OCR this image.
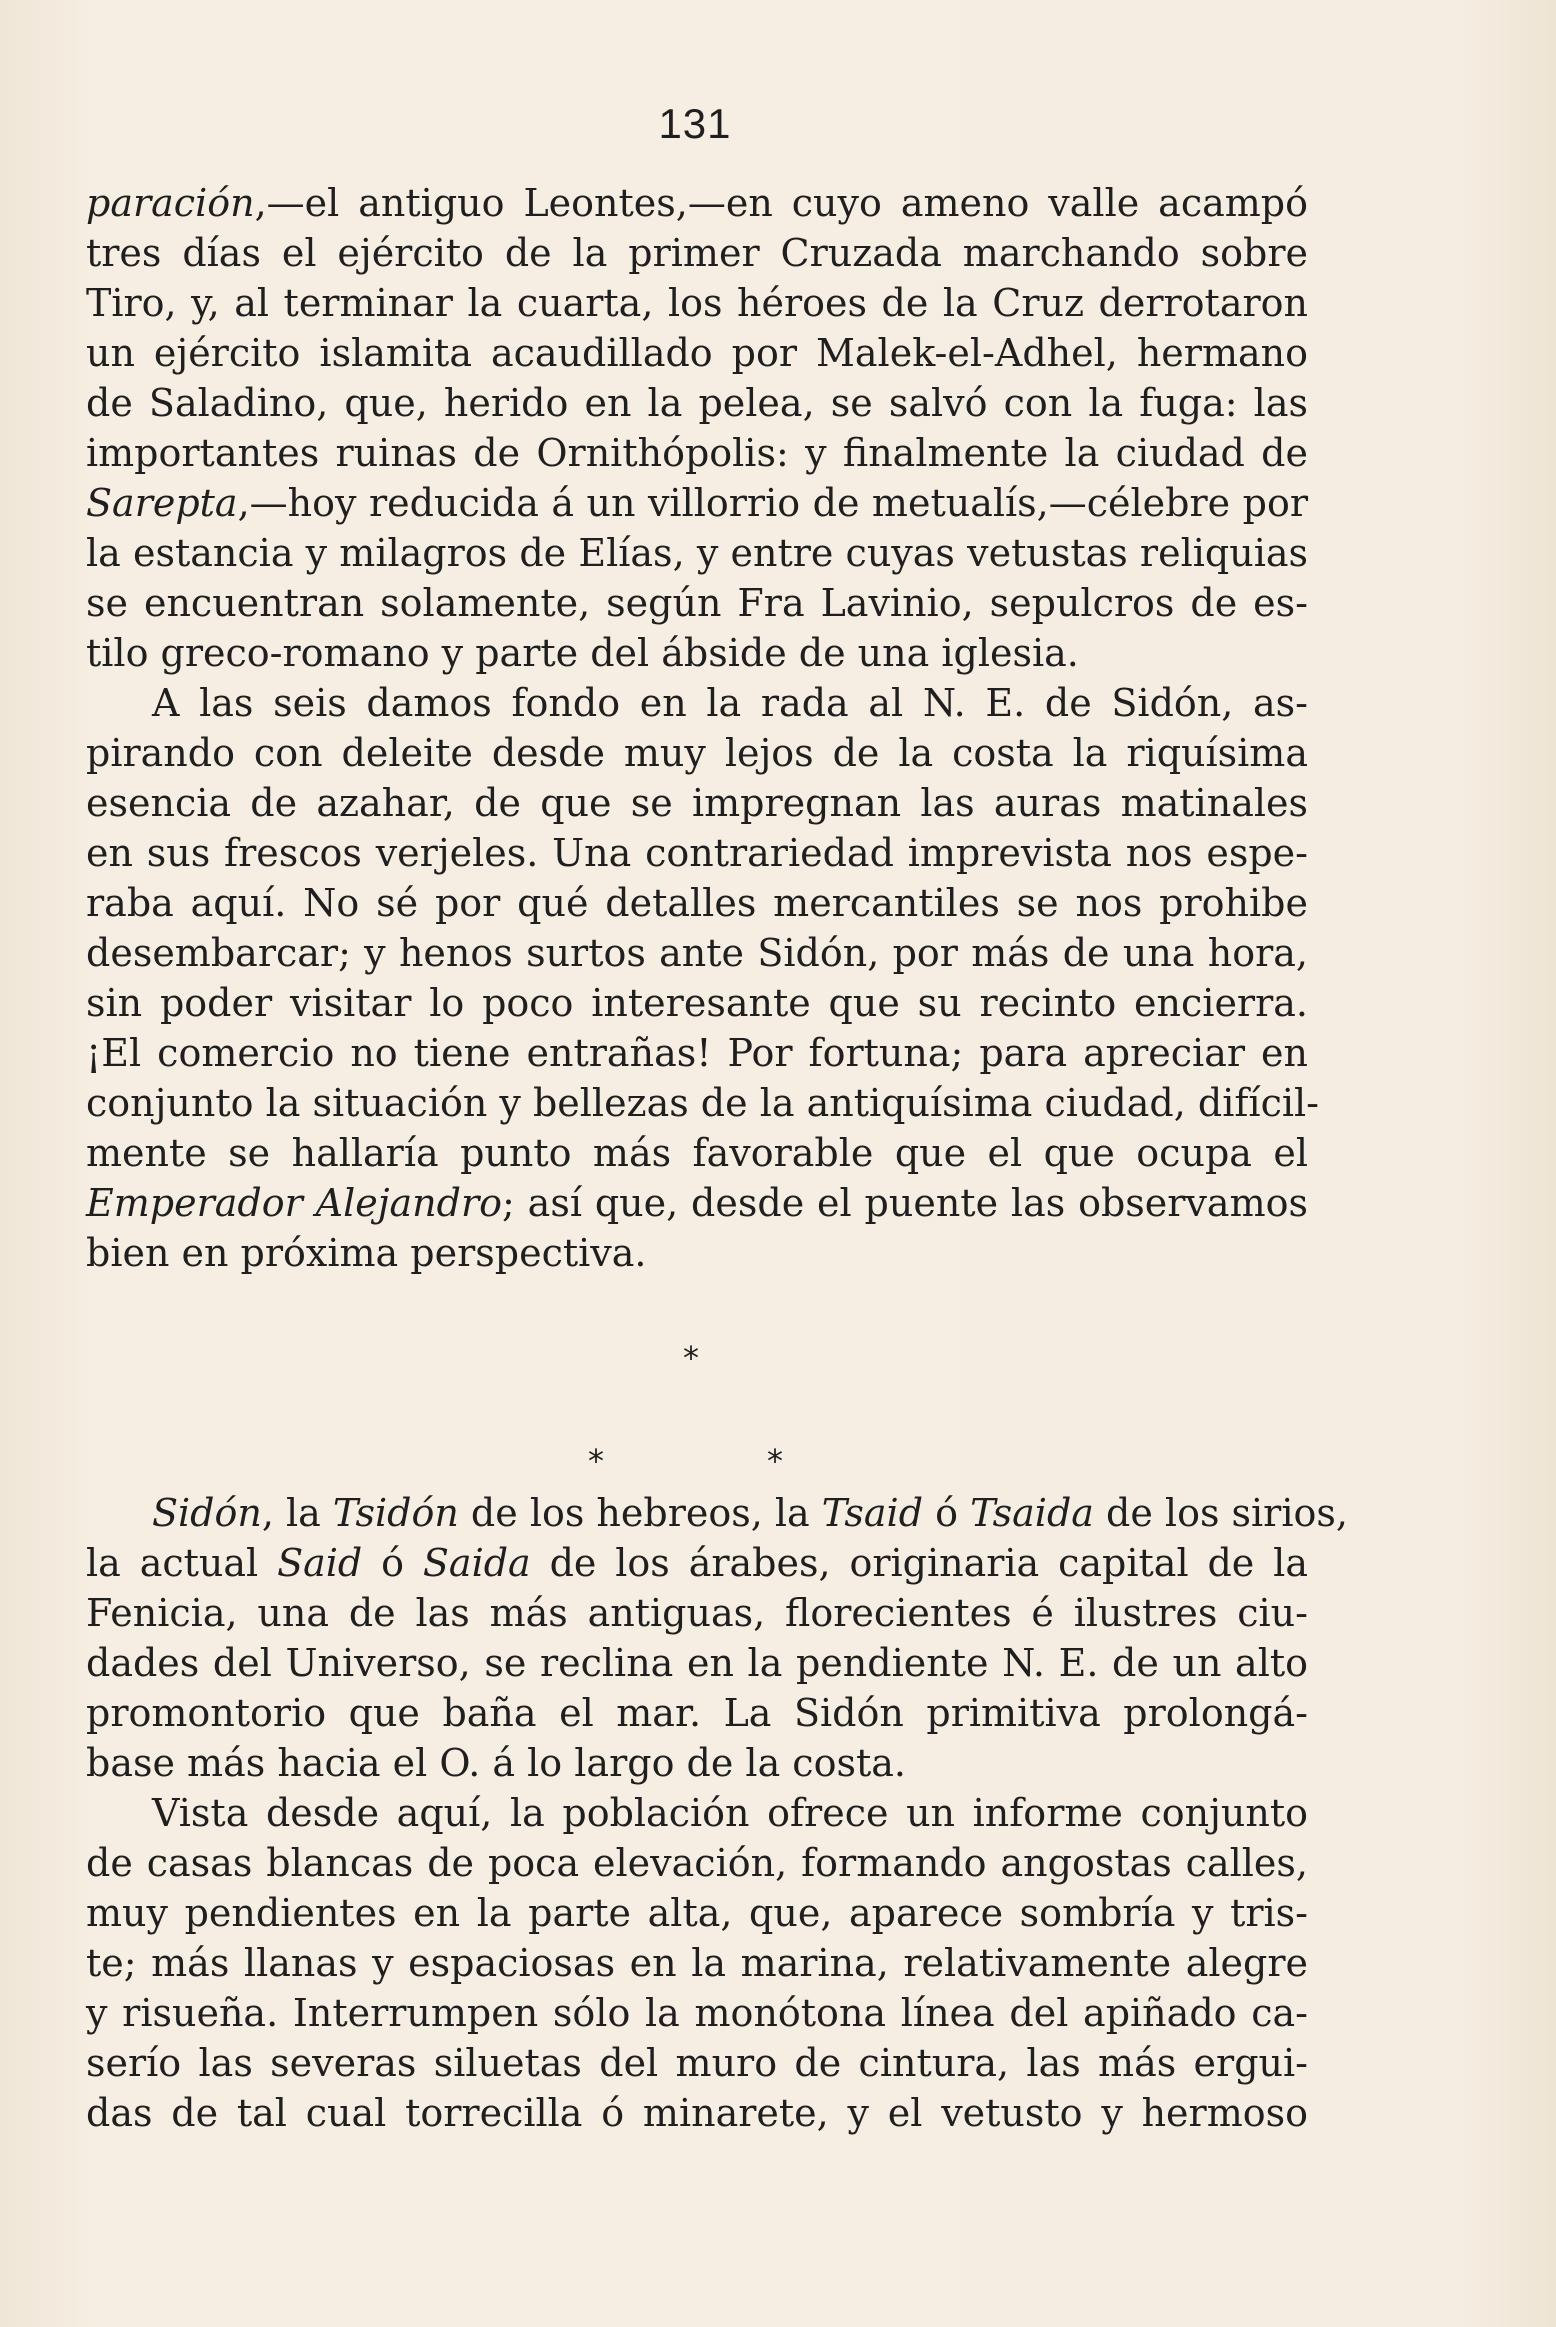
131
paración,—el antiguo Leontes,—en cuyo ameno valle acampó
tres días el ejército de la primer Cruzada marchando sobre
Tiro, y, al terminar la cuarta, los héroes de la Cruz derrotaron
un ejército islamita acaudillado por Malek-el-Adhel, hermano
de Saladino, que, herido en la pelea, se salvó con la fuga: las
importantes ruinas de Ornithópolis: y finalmente la ciudad de
Sarepta,—hoy reducida á un villorrio de metualís,—célebre por
la estancia y milagros de Elías, y entre cuyas vetustas reliquias
se encuentran solamente, según Fra Lavinio, sepulcros de es-
tilo greco-romano y parte del ábside de una iglesia.
A las seis damos fondo en la rada al N. E. de Sidón, as-
pirando con deleite desde muy lejos de la costa la riquísima
esencia de azahar, de que se impregnan las auras matinales
en sus frescos verjeles. Una contrariedad imprevista nos espe-
raba aquí. No sé por qué detalles mercantiles se nos prohibe
desembarcar; y henos surtos ante Sidón, por más de una hora,
sin poder visitar lo poco interesante que su recinto encierra.
¡El comercio no tiene entrañas! Por fortuna; para apreciar en
conjunto la situación y bellezas de la antiquísima ciudad, difícil-
mente se hallaría punto más favorable que el que ocupa el
Emperador Alejandro; así que, desde el puente las observamos
bien en próxima perspectiva.
*
*	*
Sidón, la Tsidón de los hebreos, la Tsaid ó Tsaida de los sirios,
la actual Said ó Saida de los árabes, originaria capital de la
Fenicia, una de las más antiguas, florecientes é ilustres ciu-
dades del Universo, se reclina en la pendiente N. E. de un alto
promontorio que baña el mar. La Sidón primitiva prolongá-
base más hacia el O. á lo largo de la costa.
Vista desde aquí, la población ofrece un informe conjunto
de casas blancas de poca elevación, formando angostas calles,
muy pendientes en la parte alta, que, aparece sombría y tris-
te; más llanas y espaciosas en la marina, relativamente alegre
y risueña. Interrumpen sólo la monótona línea del apiñado ca-
serío las severas siluetas del muro de cintura, las más ergui-
das de tal cual torrecilla ó minarete, y el vetusto y hermoso
